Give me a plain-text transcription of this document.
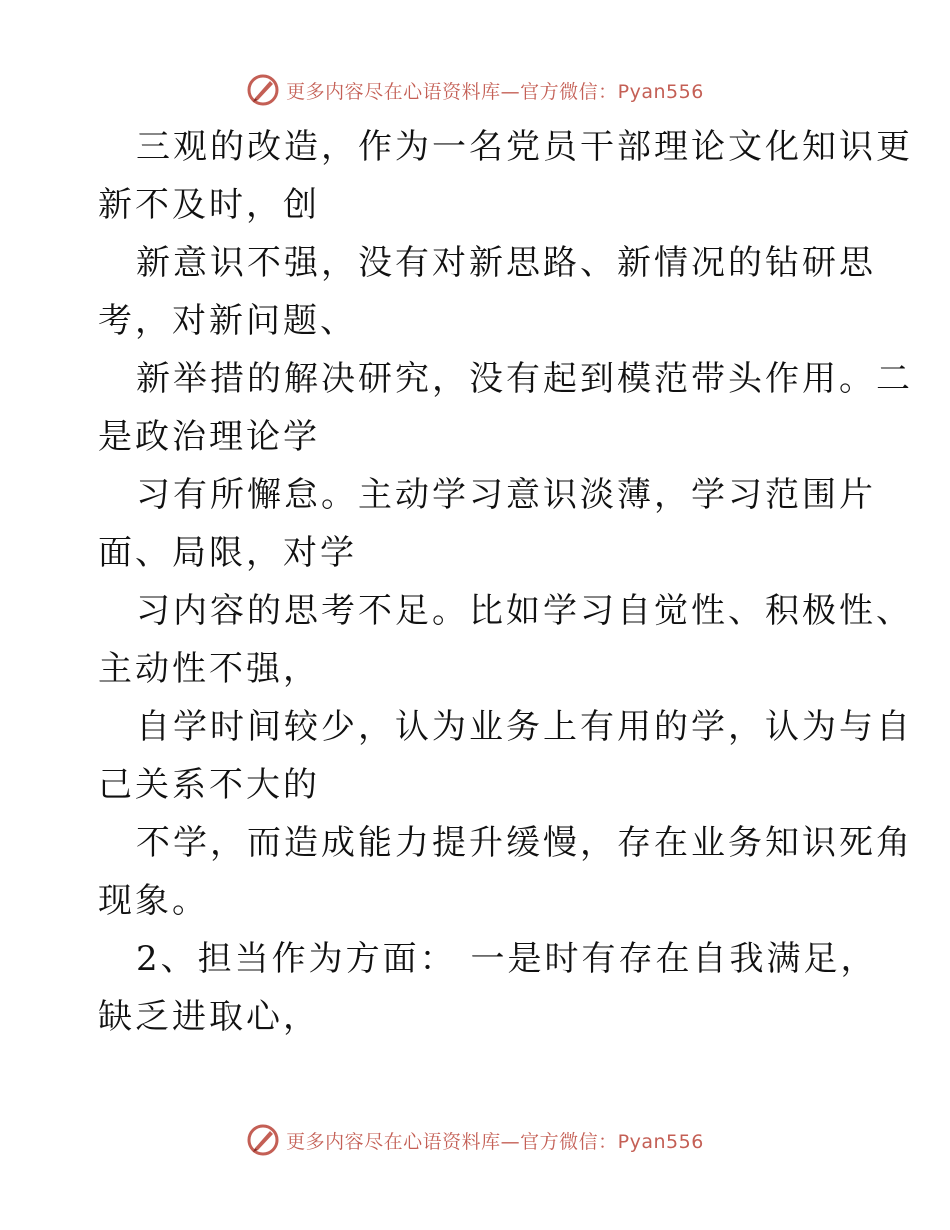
更多内容尽在心语资料库—官方微信：Pyan556
三观的改造，作为一名党员干部理论文化知识更
新不及时，创
新意识不强，没有对新思路、新情况的钻研思
考，对新问题、
新举措的解决研究，没有起到模范带头作用。二
是政治理论学
习有所懈怠。主动学习意识淡薄，学习范围片
面、局限，对学
习内容的思考不足。比如学习自觉性、积极性、
主动性不强，
自学时间较少，认为业务上有用的学，认为与自
己关系不大的
不学，而造成能力提升缓慢，存在业务知识死角
现象。
2、担当作为方面： 一是时有存在自我满足，
缺乏进取心，
更多内容尽在心语资料库—官方微信：Pyan556
